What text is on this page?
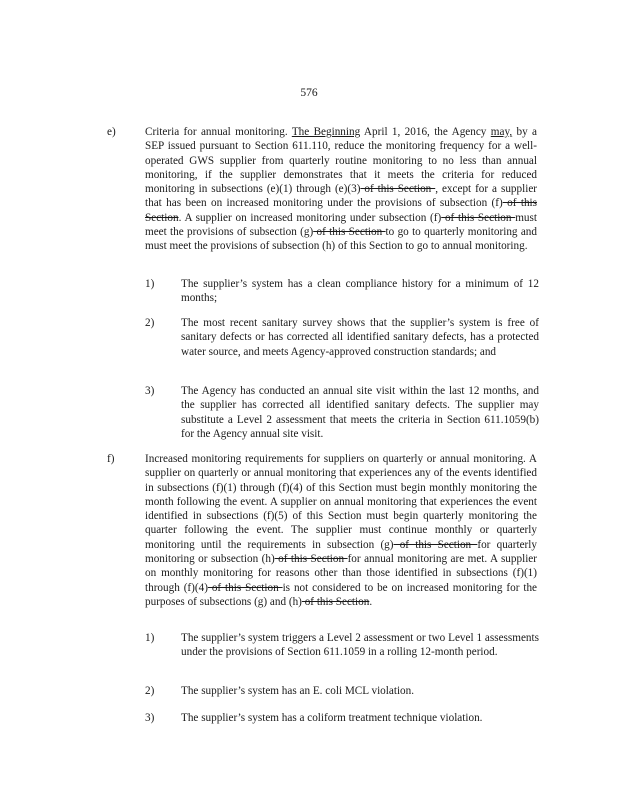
576
e)	Criteria for annual monitoring. The Beginning April 1, 2016, the Agency may, by a SEP issued pursuant to Section 611.110, reduce the monitoring frequency for a well-operated GWS supplier from quarterly routine monitoring to no less than annual monitoring, if the supplier demonstrates that it meets the criteria for reduced monitoring in subsections (e)(1) through (e)(3) of this Section , except for a supplier that has been on increased monitoring under the provisions of subsection (f) of this Section. A supplier on increased monitoring under subsection (f) of this Section must meet the provisions of subsection (g) of this Section to go to quarterly monitoring and must meet the provisions of subsection (h) of this Section to go to annual monitoring.
1) The supplier’s system has a clean compliance history for a minimum of 12 months;
2) The most recent sanitary survey shows that the supplier’s system is free of sanitary defects or has corrected all identified sanitary defects, has a protected water source, and meets Agency-approved construction standards; and
3) The Agency has conducted an annual site visit within the last 12 months, and the supplier has corrected all identified sanitary defects. The supplier may substitute a Level 2 assessment that meets the criteria in Section 611.1059(b) for the Agency annual site visit.
f)	Increased monitoring requirements for suppliers on quarterly or annual monitoring. A supplier on quarterly or annual monitoring that experiences any of the events identified in subsections (f)(1) through (f)(4) of this Section must begin monthly monitoring the month following the event. A supplier on annual monitoring that experiences the event identified in subsections (f)(5) of this Section must begin quarterly monitoring the quarter following the event. The supplier must continue monthly or quarterly monitoring until the requirements in subsection (g) of this Section for quarterly monitoring or subsection (h) of this Section for annual monitoring are met. A supplier on monthly monitoring for reasons other than those identified in subsections (f)(1) through (f)(4) of this Section is not considered to be on increased monitoring for the purposes of subsections (g) and (h) of this Section.
1) The supplier’s system triggers a Level 2 assessment or two Level 1 assessments under the provisions of Section 611.1059 in a rolling 12-month period.
2) The supplier’s system has an E. coli MCL violation.
3) The supplier’s system has a coliform treatment technique violation.
